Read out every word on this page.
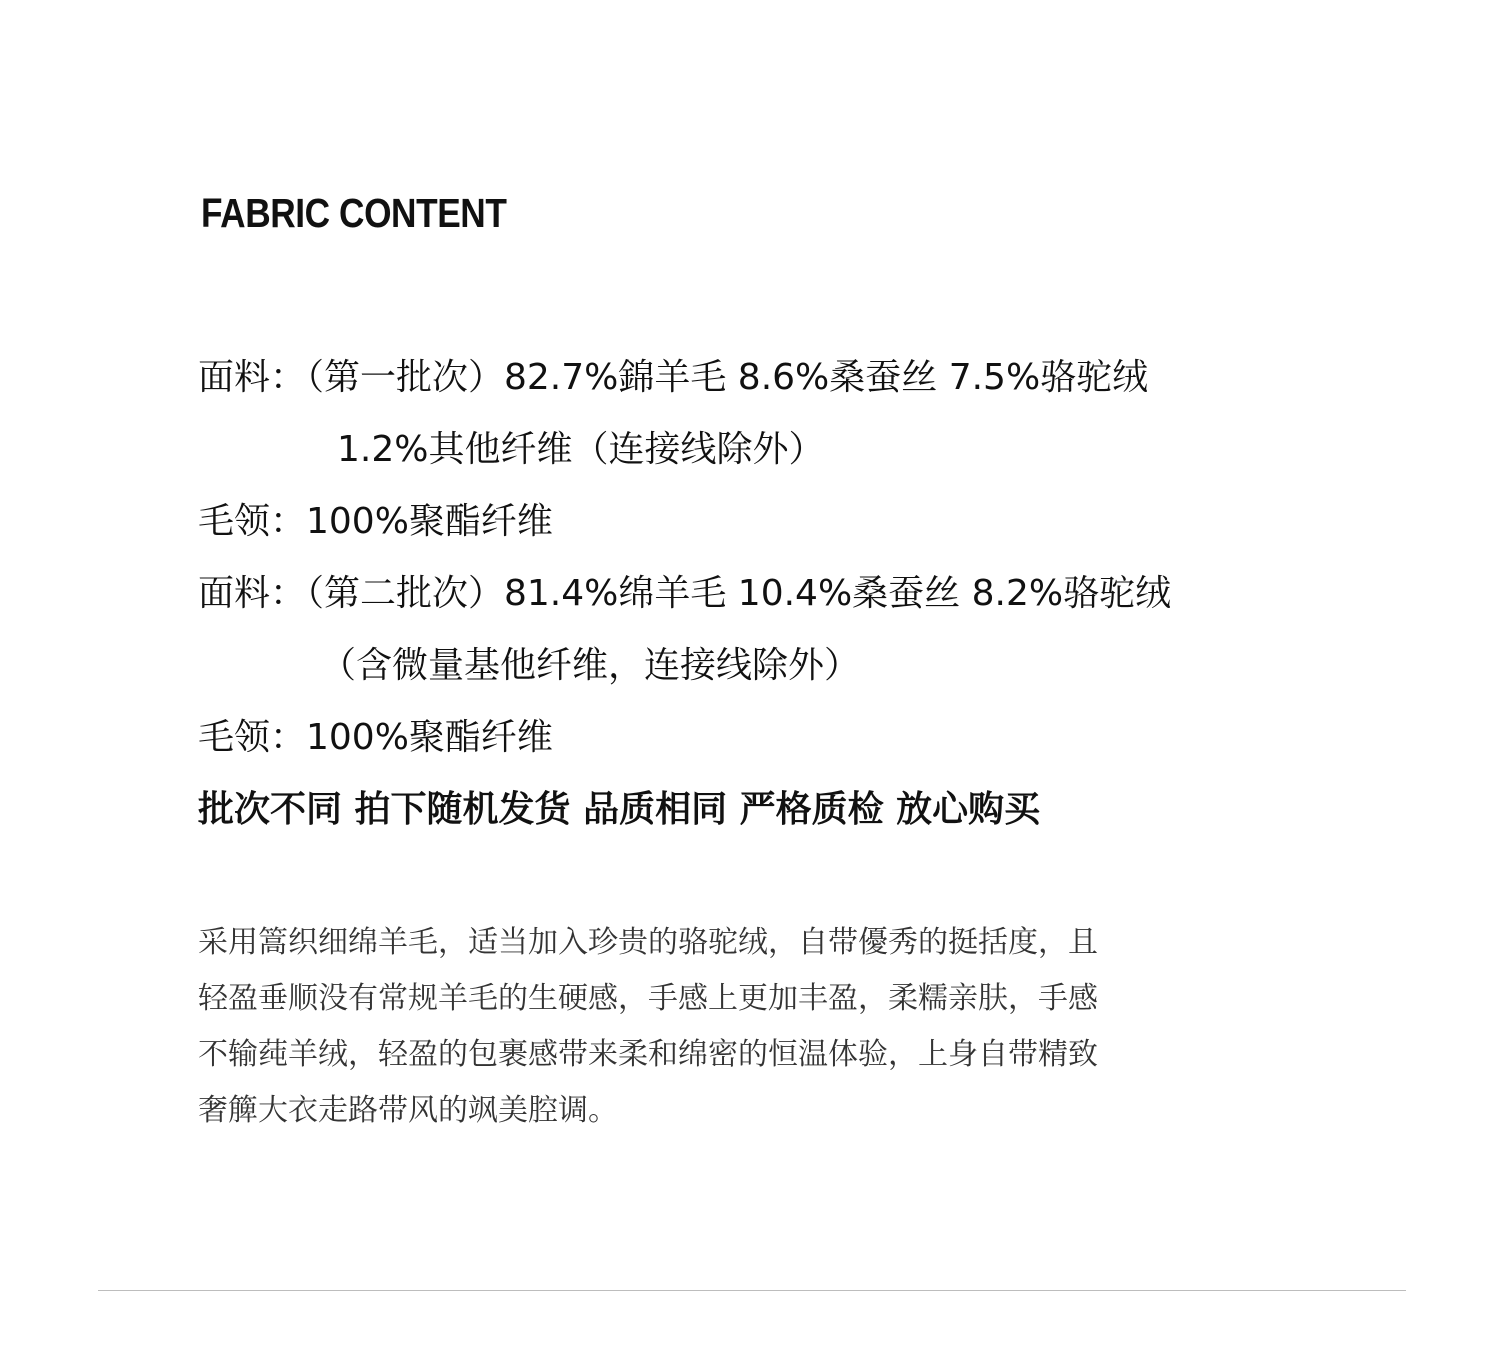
FABRIC CONTENT

面料：（第一批次）82.7%錦羊毛 8.6%桑蚕丝 7.5%骆驼绒

1.2%其他纤维（连接线除外）

毛领：100%聚酯纤维

面料：（第二批次）81.4%绵羊毛 10.4%桑蚕丝 8.2%骆驼绒

（含微量基他纤维，连接线除外）

毛领：100%聚酯纤维

批次不同 拍下随机发货 品质相同 严格质检 放心购买

采用篙织细绵羊毛，适当加入珍贵的骆驼绒，自带優秀的挺括度，且
轻盈垂顺没有常规羊毛的生硬感，手感上更加丰盈，柔糯亲肤，手感
不输莼羊绒，轻盈的包裹感带来柔和绵密的恒温体验，上身自带精致
奢簲大衣走路带风的飒美腔调。
